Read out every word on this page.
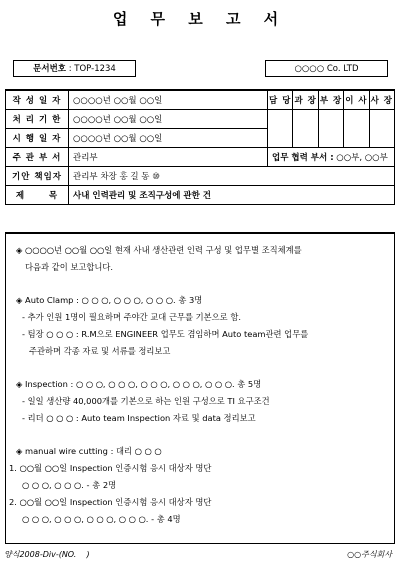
업 무 보 고 서
문서번호 : TOP-1234	○○○○ Co. LTD
작 성 일 자	○○○○년 ○○월 ○○일	담 당	과 장	부 장	이 사	사 장
처 리 기 한	○○○○년 ○○월 ○○일					
시 행 일 자	○○○○년 ○○월 ○○일					
주 관 부 서	관리부	업무 협력 부서 : ○○부, ○○부				
기안 책임자	관리부 차장 홍 길 동 ⑩					
제      목	사내 인력관리 및 조직구성에 관한 건					
◈ ○○○○년 ○○월 ○○일 현재 사내 생산관련 인력 구성 및 업무별 조직체계를
다음과 같이 보고합니다.
◈ Auto Clamp : ○ ○ ○, ○ ○ ○, ○ ○ ○. 총 3명
- 추가 인원 1명이 필요하며 주야간 교대 근무를 기본으로 함.
- 팀장 ○ ○ ○ : R.M으로 ENGINEER 업무도 겸임하며 Auto team관련 업무를
주관하며 각종 자료 및 서류를 정리보고
◈ Inspection : ○ ○ ○, ○ ○ ○, ○ ○ ○, ○ ○ ○, ○ ○ ○. 총 5명
- 일일 생산량 40,000개를 기본으로 하는 인원 구성으로 TI 요구조건
- 리더 ○ ○ ○ : Auto team Inspection 자료 및 data 정리보고
◈ manual wire cutting : 대리 ○ ○ ○
1. ○○월 ○○일 Inspection 인증시험 응시 대상자 명단
○ ○ ○, ○ ○ ○. - 총 2명
2. ○○월 ○○일 Inspection 인증시험 응시 대상자 명단
○ ○ ○, ○ ○ ○, ○ ○ ○, ○ ○ ○. - 총 4명
양식2008-Div-(NO.    )	○○주식회사
